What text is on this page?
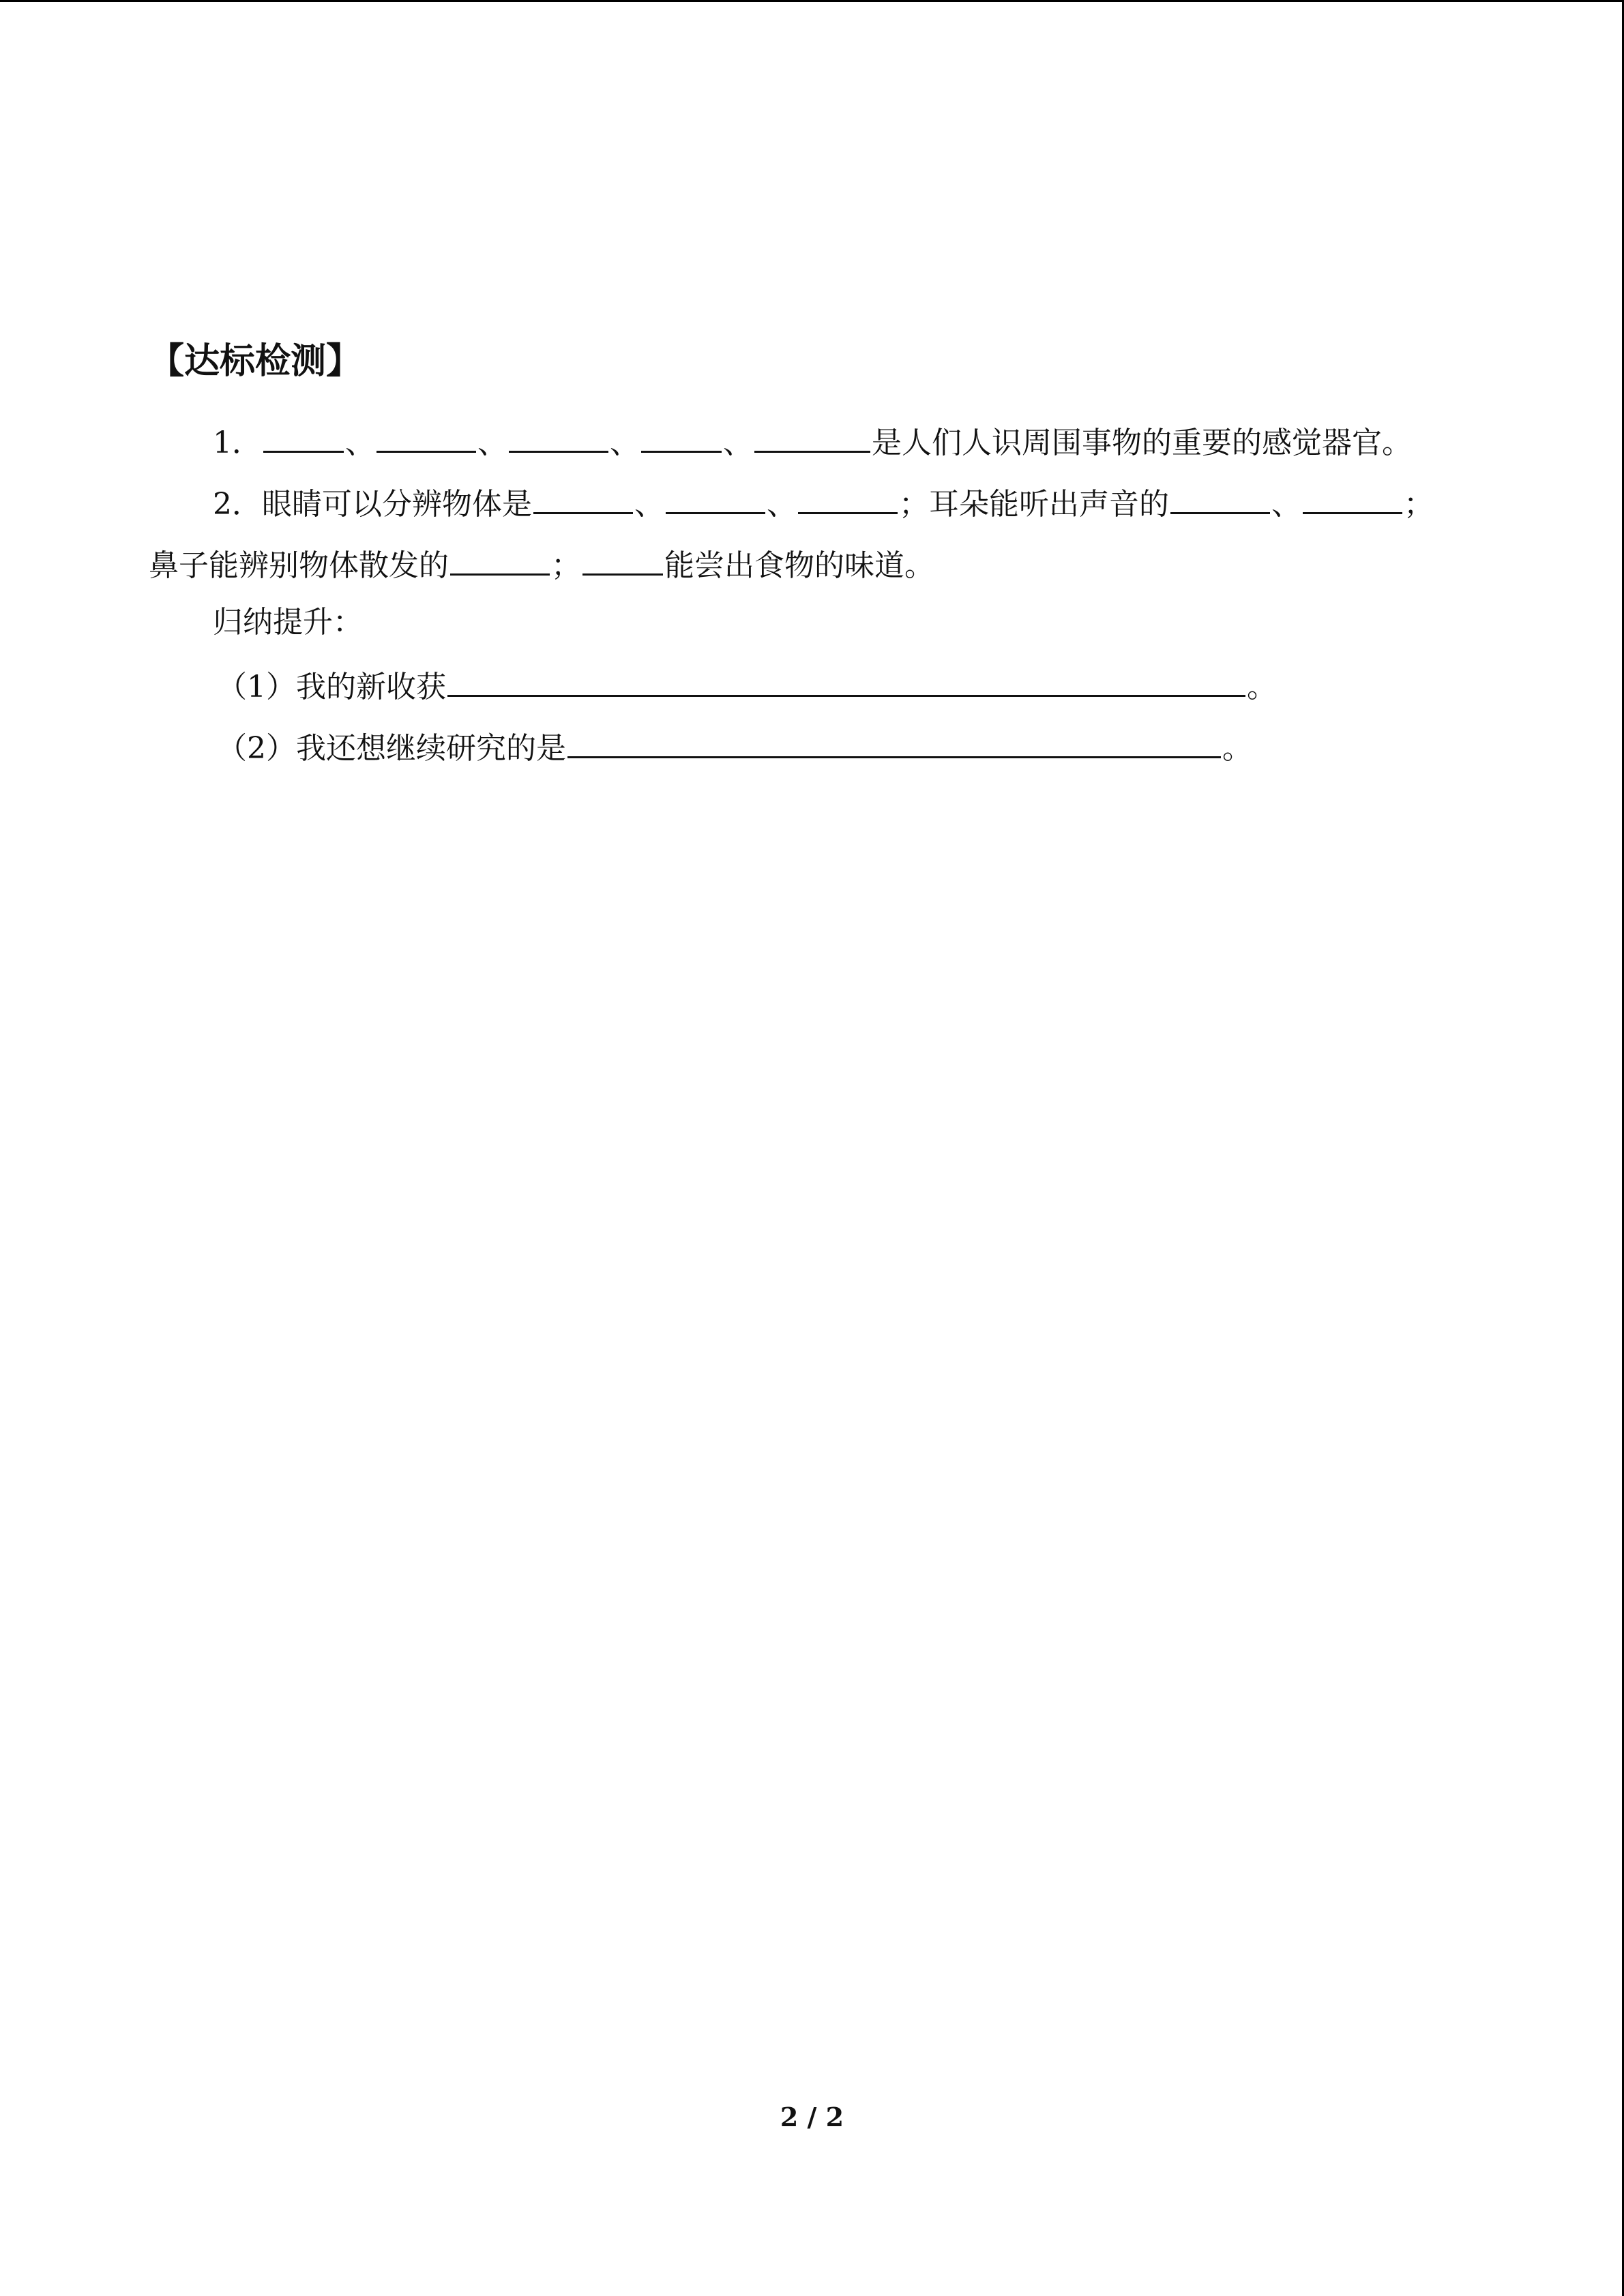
【达标检测】
1．	、	、	、	、	是人们人识周围事物的重要的感觉器官。
2．眼睛可以分辨物体是	、	、	；耳朵能听出声音的	、	；
鼻子能辨别物体散发的	；	能尝出食物的味道。
归纳提升：
（1）我的新收获	。
（2）我还想继续研究的是	。
2 / 2
